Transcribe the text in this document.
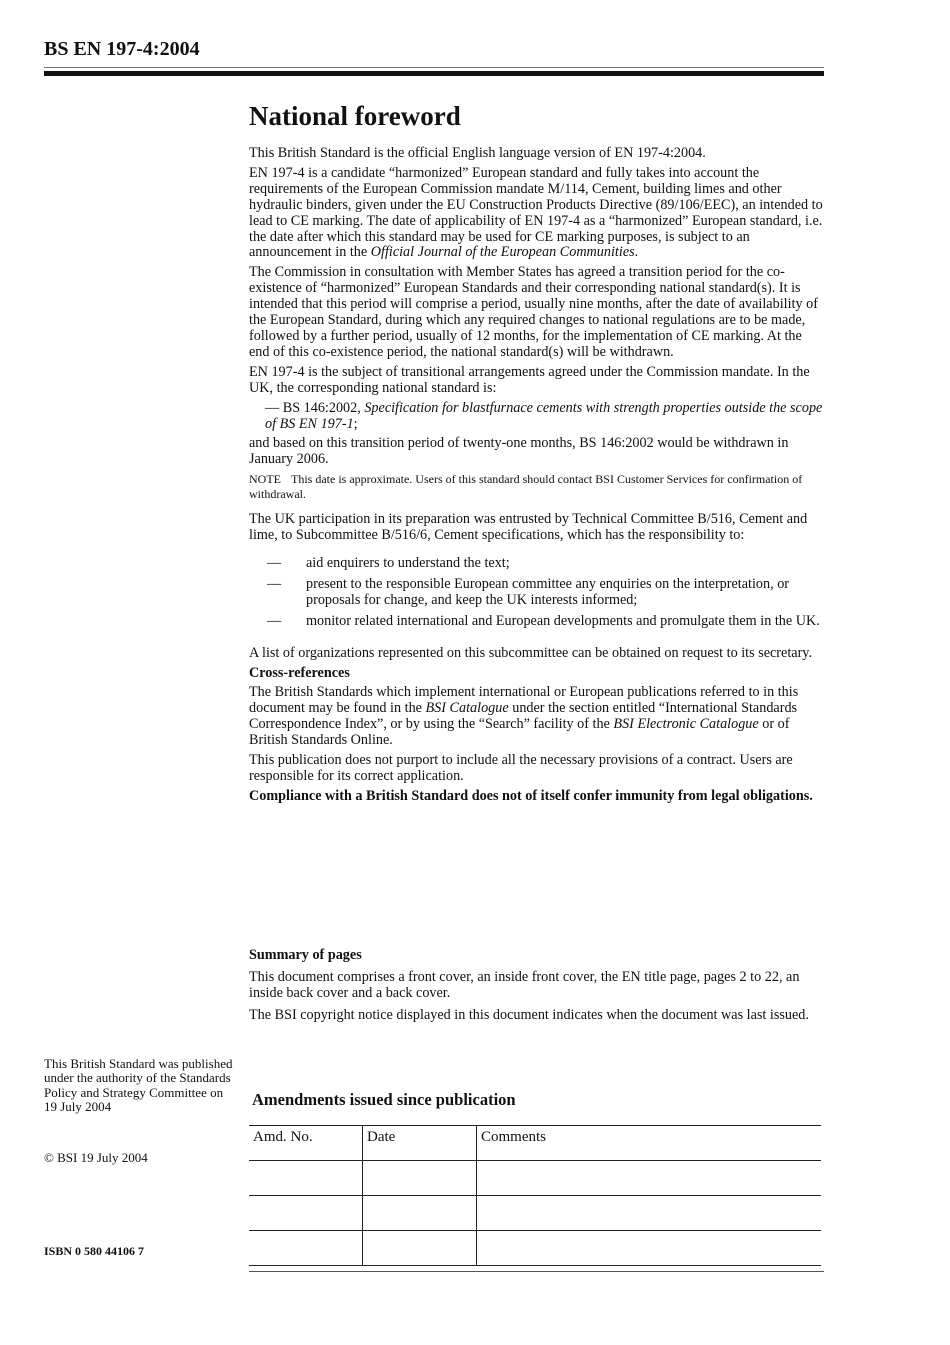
BS EN 197-4:2004
National foreword

This British Standard is the official English language version of EN 197-4:2004.

EN 197-4 is a candidate “harmonized” European standard and fully takes into account the requirements of the European Commission mandate M/114, Cement, building limes and other hydraulic binders, given under the EU Construction Products Directive (89/106/EEC), an intended to lead to CE marking. The date of applicability of EN 197-4 as a “harmonized” European standard, i.e. the date after which this standard may be used for CE marking purposes, is subject to an announcement in the Official Journal of the European Communities.

The Commission in consultation with Member States has agreed a transition period for the co-existence of “harmonized” European Standards and their corresponding national standard(s). It is intended that this period will comprise a period, usually nine months, after the date of availability of the European Standard, during which any required changes to national regulations are to be made, followed by a further period, usually of 12 months, for the implementation of CE marking. At the end of this co-existence period, the national standard(s) will be withdrawn.

EN 197-4 is the subject of transitional arrangements agreed under the Commission mandate. In the UK, the corresponding national standard is:

— BS 146:2002, Specification for blastfurnace cements with strength properties outside the scope of BS EN 197-1;

and based on this transition period of twenty-one months, BS 146:2002 would be withdrawn in January 2006.

NOTE This date is approximate. Users of this standard should contact BSI Customer Services for confirmation of withdrawal.

The UK participation in its preparation was entrusted by Technical Committee B/516, Cement and lime, to Subcommittee B/516/6, Cement specifications, which has the responsibility to:

— aid enquirers to understand the text;
— present to the responsible European committee any enquiries on the interpretation, or proposals for change, and keep the UK interests informed;
— monitor related international and European developments and promulgate them in the UK.

A list of organizations represented on this subcommittee can be obtained on request to its secretary.

Cross-references

The British Standards which implement international or European publications referred to in this document may be found in the BSI Catalogue under the section entitled “International Standards Correspondence Index”, or by using the “Search” facility of the BSI Electronic Catalogue or of British Standards Online.

This publication does not purport to include all the necessary provisions of a contract. Users are responsible for its correct application.

Compliance with a British Standard does not of itself confer immunity from legal obligations.

Summary of pages

This document comprises a front cover, an inside front cover, the EN title page, pages 2 to 22, an inside back cover and a back cover.

The BSI copyright notice displayed in this document indicates when the document was last issued.

This British Standard was published under the authority of the Standards Policy and Strategy Committee on 19 July 2004
© BSI 19 July 2004
ISBN 0 580 44106 7
Amendments issued since publication
Amd. No.	Date	Comments
